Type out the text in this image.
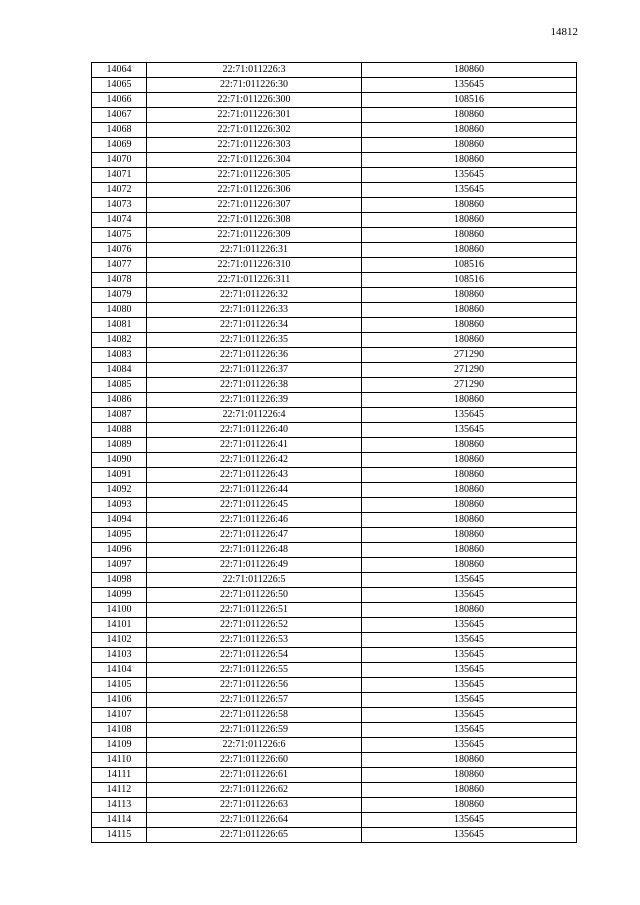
14812
14064	22:71:011226:3	180860
14065	22:71:011226:30	135645
14066	22:71:011226:300	108516
14067	22:71:011226:301	180860
14068	22:71:011226:302	180860
14069	22:71:011226:303	180860
14070	22:71:011226:304	180860
14071	22:71:011226:305	135645
14072	22:71:011226:306	135645
14073	22:71:011226:307	180860
14074	22:71:011226:308	180860
14075	22:71:011226:309	180860
14076	22:71:011226:31	180860
14077	22:71:011226:310	108516
14078	22:71:011226:311	108516
14079	22:71:011226:32	180860
14080	22:71:011226:33	180860
14081	22:71:011226:34	180860
14082	22:71:011226:35	180860
14083	22:71:011226:36	271290
14084	22:71:011226:37	271290
14085	22:71:011226:38	271290
14086	22:71:011226:39	180860
14087	22:71:011226:4	135645
14088	22:71:011226:40	135645
14089	22:71:011226:41	180860
14090	22:71:011226:42	180860
14091	22:71:011226:43	180860
14092	22:71:011226:44	180860
14093	22:71:011226:45	180860
14094	22:71:011226:46	180860
14095	22:71:011226:47	180860
14096	22:71:011226:48	180860
14097	22:71:011226:49	180860
14098	22:71:011226:5	135645
14099	22:71:011226:50	135645
14100	22:71:011226:51	180860
14101	22:71:011226:52	135645
14102	22:71:011226:53	135645
14103	22:71:011226:54	135645
14104	22:71:011226:55	135645
14105	22:71:011226:56	135645
14106	22:71:011226:57	135645
14107	22:71:011226:58	135645
14108	22:71:011226:59	135645
14109	22:71:011226:6	135645
14110	22:71:011226:60	180860
14111	22:71:011226:61	180860
14112	22:71:011226:62	180860
14113	22:71:011226:63	180860
14114	22:71:011226:64	135645
14115	22:71:011226:65	135645
